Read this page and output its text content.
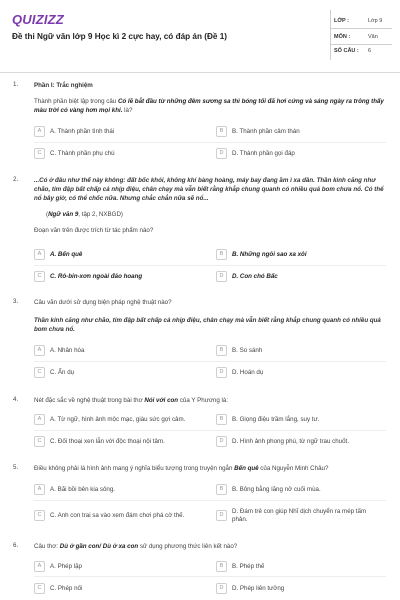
QUIZIZZ
Đề thi Ngữ văn lớp 9 Học kì 2 cực hay, có đáp án (Đề 1)
LỚP :	Lớp 9
MÔN :	Văn
SỐ CÂU : 6
1.	Phần I: Trắc nghiệm
Thành phần biệt lập trong câu Có lẽ bắt đầu từ những đêm sương sa thì bóng tối đã hơi cứng và sáng ngày ra trông thấy màu trời có vàng hơn mọi khi. là?
A	A. Thành phần tình thái	B	B. Thành phần cảm thán
C	C. Thành phần phụ chú	D	D. Thành phần gọi đáp
2.	...Có ở đâu như thế này không: đất bốc khói, không khí bàng hoàng, máy bay đang ầm ì xa dần. Thần kinh căng như chão, tim đập bất chấp cả nhịp điệu, chân chạy mà vẫn biết rằng khắp chung quanh có nhiều quả bom chưa nổ. Có thể nổ bây giờ, có thể chốc nữa. Nhưng chắc chắn nữa sẽ nổ...
(Ngữ văn 9, tập 2, NXBGD)
Đoạn văn trên được trích từ tác phẩm nào?
A	A. Bến quê	B	B. Những ngôi sao xa xôi
C	C. Rô-bin-xơn ngoài đảo hoang	D	D. Con chó Bấc
3.	Câu văn dưới sử dụng biện pháp nghệ thuật nào?
Thần kinh căng như chão, tim đập bất chấp cả nhịp điệu, chân chạy mà vẫn biết rằng khắp chung quanh có nhiều quả bom chưa nổ.
A	A. Nhân hóa	B	B. So sánh
C	C. Ẩn dụ	D	D. Hoán dụ
4.	Nét đặc sắc về nghệ thuật trong bài thơ Nói với con của Y Phương là:
A	A. Từ ngữ, hình ảnh mộc mạc, giàu sức gợi cảm.	B	B. Giọng điệu trầm lắng, suy tư.
C	C. Đối thoại xen lẫn với độc thoại nội tâm.	D	D. Hình ảnh phong phú, từ ngữ trau chuốt.
5.	Điều không phải là hình ảnh mang ý nghĩa biểu tượng trong truyện ngắn Bến quê của Nguyễn Minh Châu?
A	A. Bãi bồi bên kia sông.	B	B. Bông bằng lăng nở cuối mùa.
C	C. Anh con trai sa vào xem đám chơi phá cờ thế.	D	D. Đám trẻ con giúp Nhĩ dịch chuyển ra mép tấm phản.
6.	Câu thơ: Dù ở gần con/ Dù ở xa con sử dụng phương thức liên kết nào?
A	A. Phép lặp	B	B. Phép thế
C	C. Phép nối	D	D. Phép liên tưởng
